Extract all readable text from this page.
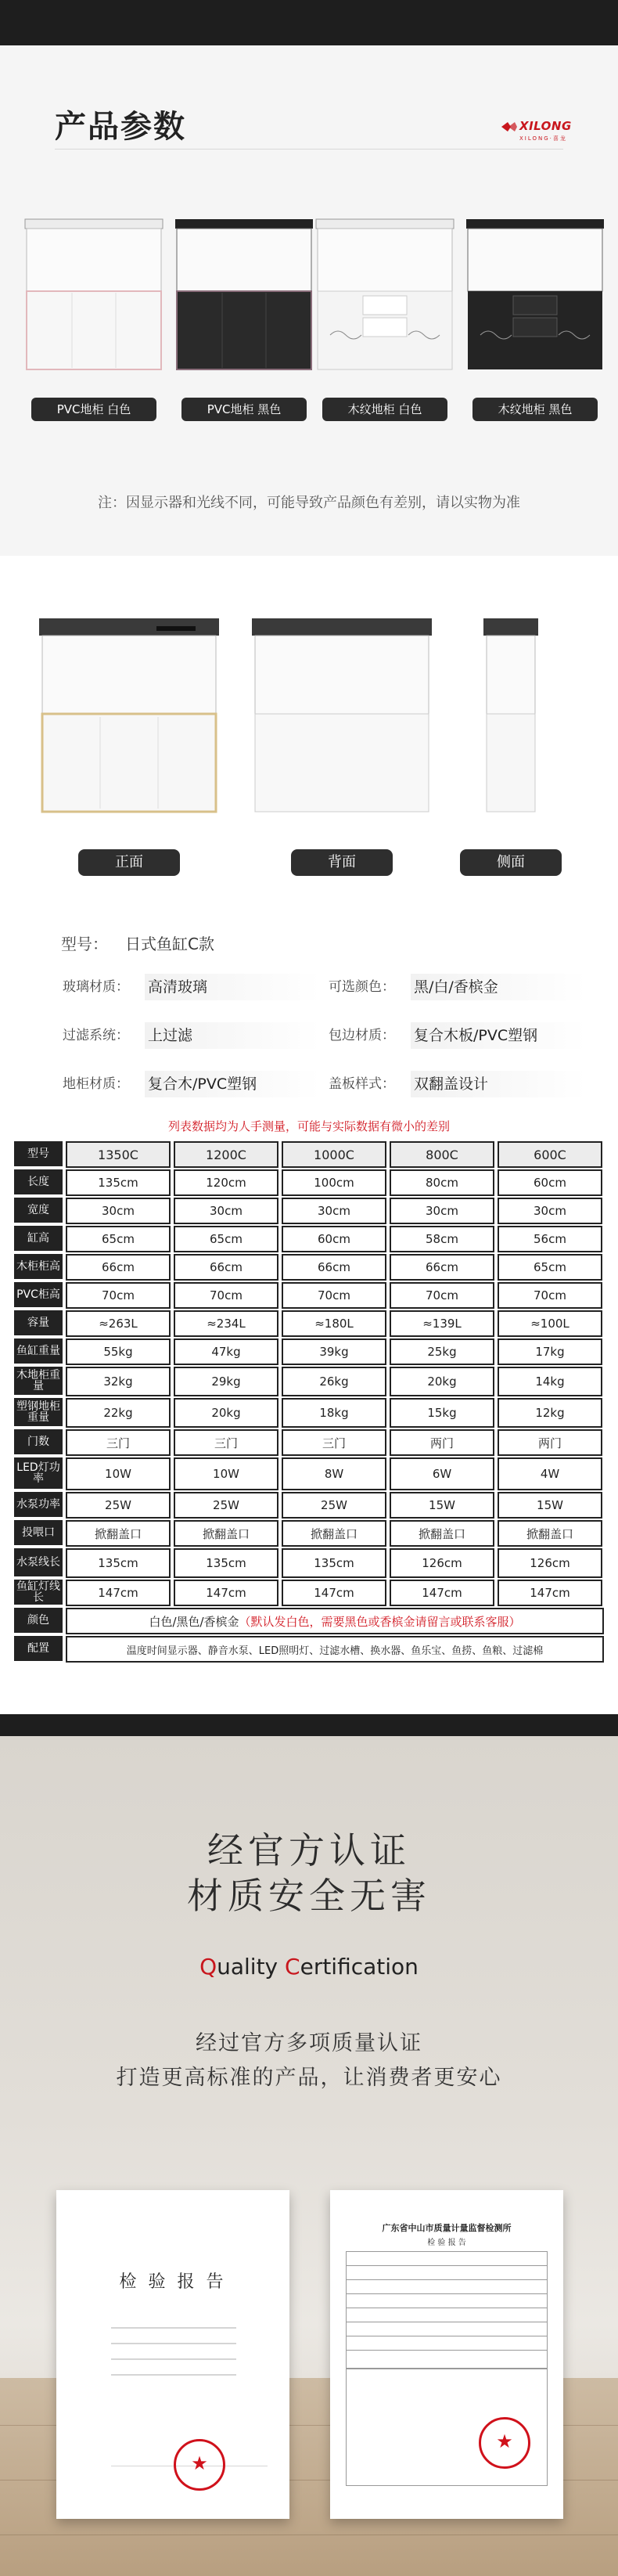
产品参数	XILONG
XILONG·喜龙
PVC地柜 白色	PVC地柜 黑色	木纹地柜 白色	木纹地柜 黑色
注：因显示器和光线不同，可能导致产品颜色有差别，请以实物为准
正面	背面	侧面
型号： 日式鱼缸C款
玻璃材质：	高清玻璃	可选颜色：	黑/白/香槟金
过滤系统：	上过滤	包边材质：	复合木板/PVC塑钢
地柜材质：	复合木/PVC塑钢	盖板样式：	双翻盖设计
列表数据均为人手测量，可能与实际数据有微小的差别
型号	1350C	1200C	1000C	800C	600C
长度	135cm	120cm	100cm	80cm	60cm
宽度	30cm	30cm	30cm	30cm	30cm
缸高	65cm	65cm	60cm	58cm	56cm
木柜柜高	66cm	66cm	66cm	66cm	65cm
PVC柜高	70cm	70cm	70cm	70cm	70cm
容量	≈263L	≈234L	≈180L	≈139L	≈100L
鱼缸重量	55kg	47kg	39kg	25kg	17kg
木地柜重量	32kg	29kg	26kg	20kg	14kg
塑钢地柜重量	22kg	20kg	18kg	15kg	12kg
门数	三门	三门	三门	两门	两门
LED灯功率	10W	10W	8W	6W	4W
水泵功率	25W	25W	25W	15W	15W
投喂口	掀翻盖口	掀翻盖口	掀翻盖口	掀翻盖口	掀翻盖口
水泵线长	135cm	135cm	135cm	126cm	126cm
鱼缸灯线长	147cm	147cm	147cm	147cm	147cm
颜色	白色/黑色/香槟金 （默认发白色，需要黑色或香槟金请留言或联系客服）
配置	温度时间显示器、静音水泵、LED照明灯、过滤水槽、换水器、鱼乐宝、鱼捞、鱼粮、过滤棉
经官方认证
材质安全无害
Quality Certification
经过官方多项质量认证
打造更高标准的产品，让消费者更安心
检 验 报 告
★
广东省中山市质量计量监督检测所
检 验 报 告
★
